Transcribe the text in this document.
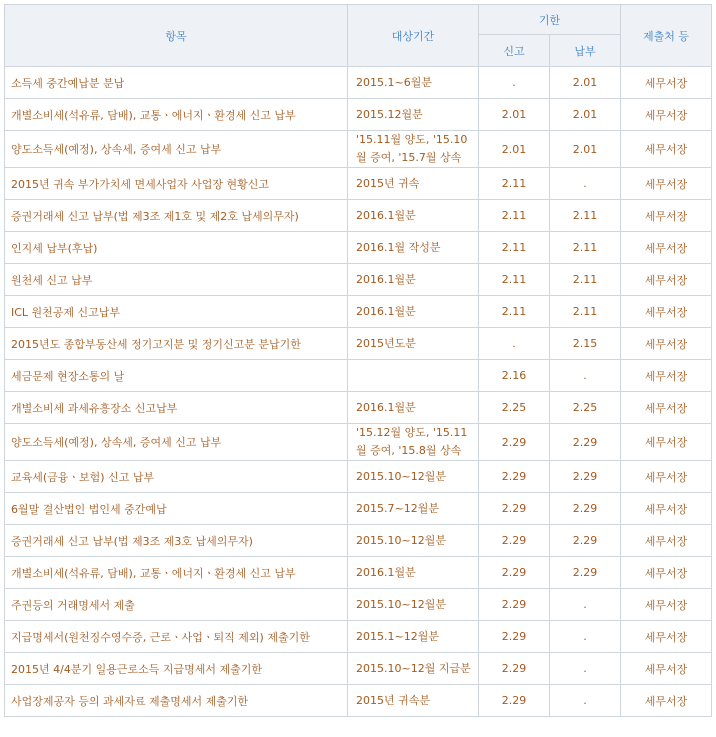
항목	대상기간	기한		제출처 등
		신고	납부	
소득세 중간예납분 분납	2015.1~6월분	.	2.01	세무서장
개별소비세(석유류, 담배), 교통ㆍ에너지ㆍ환경세 신고 납부	2015.12월분	2.01	2.01	세무서장
양도소득세(예정), 상속세, 증여세 신고 납부	'15.11월 양도, '15.10월 증여, '15.7월 상속	2.01	2.01	세무서장
2015년 귀속 부가가치세 면세사업자 사업장 현황신고	2015년 귀속	2.11	.	세무서장
증권거래세 신고 납부(법 제3조 제1호 및 제2호 납세의무자)	2016.1월분	2.11	2.11	세무서장
인지세 납부(후납)	2016.1월 작성분	2.11	2.11	세무서장
원천세 신고 납부	2016.1월분	2.11	2.11	세무서장
ICL 원천공제 신고납부	2016.1월분	2.11	2.11	세무서장
2015년도 종합부동산세 정기고지분 및 정기신고분 분납기한	2015년도분	.	2.15	세무서장
세금문제 현장소통의 날		2.16	.	세무서장
개별소비세 과세유흥장소 신고납부	2016.1월분	2.25	2.25	세무서장
양도소득세(예정), 상속세, 증여세 신고 납부	'15.12월 양도, '15.11월 증여, '15.8월 상속	2.29	2.29	세무서장
교육세(금융ㆍ보험) 신고 납부	2015.10~12월분	2.29	2.29	세무서장
6월말 결산법인 법인세 중간예납	2015.7~12월분	2.29	2.29	세무서장
증권거래세 신고 납부(법 제3조 제3호 납세의무자)	2015.10~12월분	2.29	2.29	세무서장
개별소비세(석유류, 담배), 교통ㆍ에너지ㆍ환경세 신고 납부	2016.1월분	2.29	2.29	세무서장
주권등의 거래명세서 제출	2015.10~12월분	2.29	.	세무서장
지급명세서(원천징수영수증, 근로ㆍ사업ㆍ퇴직 제외) 제출기한	2015.1~12월분	2.29	.	세무서장
2015년 4/4분기 일용근로소득 지급명세서 제출기한	2015.10~12월 지급분	2.29	.	세무서장
사업장제공자 등의 과세자료 제출명세서 제출기한	2015년 귀속분	2.29	.	세무서장
